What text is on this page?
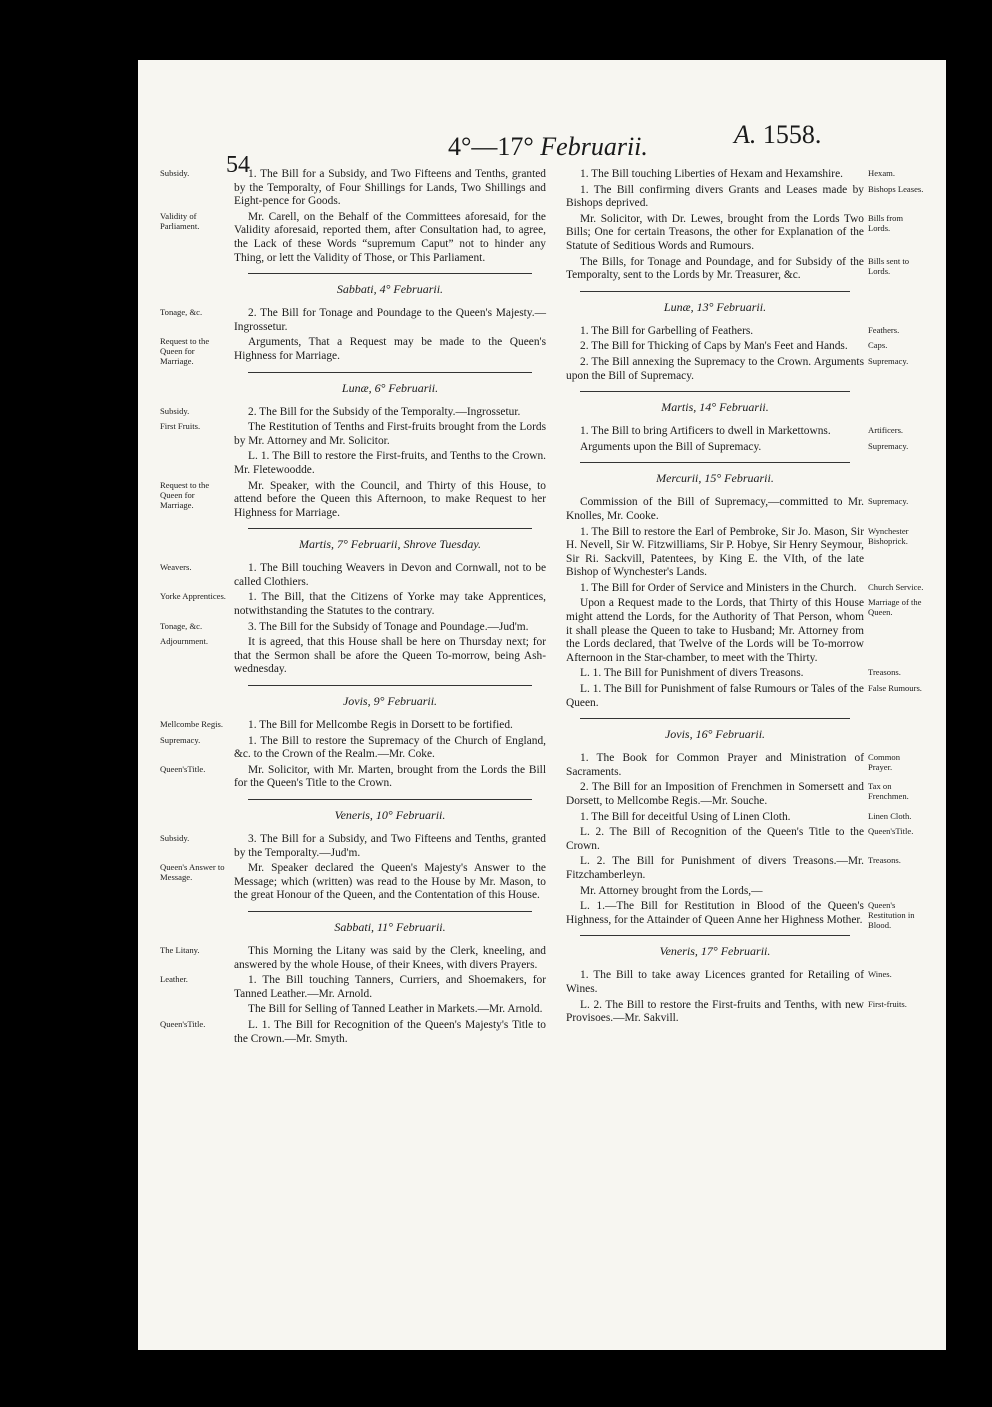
54
4°—17° Februarii.	A. 1558.
1. The Bill for a Subsidy, and Two Fifteens and Tenths, granted by the Temporalty, of Four Shillings for Lands, Two Shillings and Eight-pence for Goods.
Subsidy.
Mr. Carell, on the Behalf of the Committees aforesaid, for the Validity aforesaid, reported them, after Consultation had, to agree, the Lack of these Words “supremum Caput” not to hinder any Thing, or lett the Validity of Those, or This Parliament.
Validity of Parliament.
Sabbati, 4° Februarii.
2. The Bill for Tonage and Poundage to the Queen's Majesty.—Ingrossetur.
Tonage, &c.
Arguments, That a Request may be made to the Queen's Highness for Marriage.
Request to the Queen for Marriage.
Lunæ, 6° Februarii.
2. The Bill for the Subsidy of the Temporalty.—Ingrossetur.
Subsidy.
The Restitution of Tenths and First-fruits brought from the Lords by Mr. Attorney and Mr. Solicitor.
First Fruits.
L. 1. The Bill to restore the First-fruits, and Tenths to the Crown. Mr. Fletewoodde.
Mr. Speaker, with the Council, and Thirty of this House, to attend before the Queen this Afternoon, to make Request to her Highness for Marriage.
Request to the Queen for Marriage.
Martis, 7° Februarii, Shrove Tuesday.
1. The Bill touching Weavers in Devon and Cornwall, not to be called Clothiers.
Weavers.
1. The Bill, that the Citizens of Yorke may take Apprentices, notwithstanding the Statutes to the contrary.
Yorke Apprentices.
3. The Bill for the Subsidy of Tonage and Poundage.—Jud'm.
Tonage, &c.
It is agreed, that this House shall be here on Thursday next; for that the Sermon shall be afore the Queen To-morrow, being Ash-wednesday.
Adjournment.
Jovis, 9° Februarii.
1. The Bill for Mellcombe Regis in Dorsett to be fortified.
Mellcombe Regis.
1. The Bill to restore the Supremacy of the Church of England, &c. to the Crown of the Realm.—Mr. Coke.
Supremacy.
Mr. Solicitor, with Mr. Marten, brought from the Lords the Bill for the Queen's Title to the Crown.
Queen'sTitle.
Veneris, 10° Februarii.
3. The Bill for a Subsidy, and Two Fifteens and Tenths, granted by the Temporalty.—Jud'm.
Subsidy.
Mr. Speaker declared the Queen's Majesty's Answer to the Message; which (written) was read to the House by Mr. Mason, to the great Honour of the Queen, and the Contentation of this House.
Queen's Answer to Message.
Sabbati, 11° Februarii.
This Morning the Litany was said by the Clerk, kneeling, and answered by the whole House, of their Knees, with divers Prayers.
The Litany.
1. The Bill touching Tanners, Curriers, and Shoemakers, for Tanned Leather.—Mr. Arnold.
Leather.
The Bill for Selling of Tanned Leather in Markets.—Mr. Arnold.
L. 1. The Bill for Recognition of the Queen's Majesty's Title to the Crown.—Mr. Smyth.
Queen'sTitle.
1. The Bill touching Liberties of Hexam and Hexamshire.	Hexam.
1. The Bill confirming divers Grants and Leases made by Bishops deprived.
Bishops Leases.
Mr. Solicitor, with Dr. Lewes, brought from the Lords Two Bills; One for certain Treasons, the other for Explanation of the Statute of Seditious Words and Rumours.
Bills from Lords.
The Bills, for Tonage and Poundage, and for Subsidy of the Temporalty, sent to the Lords by Mr. Treasurer, &c.
Bills sent to Lords.
Lunæ, 13° Februarii.
1. The Bill for Garbelling of Feathers.	Feathers.
2. The Bill for Thicking of Caps by Man's Feet and Hands.	Caps.
2. The Bill annexing the Supremacy to the Crown. Arguments upon the Bill of Supremacy.
Supremacy.
Martis, 14° Februarii.
1. The Bill to bring Artificers to dwell in Markettowns.	Artificers.
Arguments upon the Bill of Supremacy.	Supremacy.
Mercurii, 15° Februarii.
Commission of the Bill of Supremacy,—committed to Mr. Knolles, Mr. Cooke.
Supremacy.
1. The Bill to restore the Earl of Pembroke, Sir Jo. Mason, Sir H. Nevell, Sir W. Fitzwilliams, Sir P. Hobye, Sir Henry Seymour, Sir Ri. Sackvill, Patentees, by King E. the VIth, of the late Bishop of Wynchester's Lands.
Wynchester Bishoprick.
1. The Bill for Order of Service and Ministers in the Church.	Church Service.
Upon a Request made to the Lords, that Thirty of this House might attend the Lords, for the Authority of That Person, whom it shall please the Queen to take to Husband; Mr. Attorney from the Lords declared, that Twelve of the Lords will be To-morrow Afternoon in the Star-chamber, to meet with the Thirty.
Marriage of the Queen.
L. 1. The Bill for Punishment of divers Treasons.	Treasons.
L. 1. The Bill for Punishment of false Rumours or Tales of the Queen.
False Rumours.
Jovis, 16° Februarii.
1. The Book for Common Prayer and Ministration of Sacraments.
Common Prayer.
2. The Bill for an Imposition of Frenchmen in Somersett and Dorsett, to Mellcombe Regis.—Mr. Souche.
Tax on Frenchmen.
1. The Bill for deceitful Using of Linen Cloth.	Linen Cloth.
L. 2. The Bill of Recognition of the Queen's Title to the Crown.
Queen'sTitle.
L. 2. The Bill for Punishment of divers Treasons.—Mr. Fitzchamberleyn.
Treasons.
Mr. Attorney brought from the Lords,—
L. 1.—The Bill for Restitution in Blood of the Queen's Highness, for the Attainder of Queen Anne her Highness Mother.
Queen's Restitution in Blood.
Veneris, 17° Februarii.
1. The Bill to take away Licences granted for Retailing of Wines.
Wines.
L. 2. The Bill to restore the First-fruits and Tenths, with new Provisoes.—Mr. Sakvill.
First-fruits.
